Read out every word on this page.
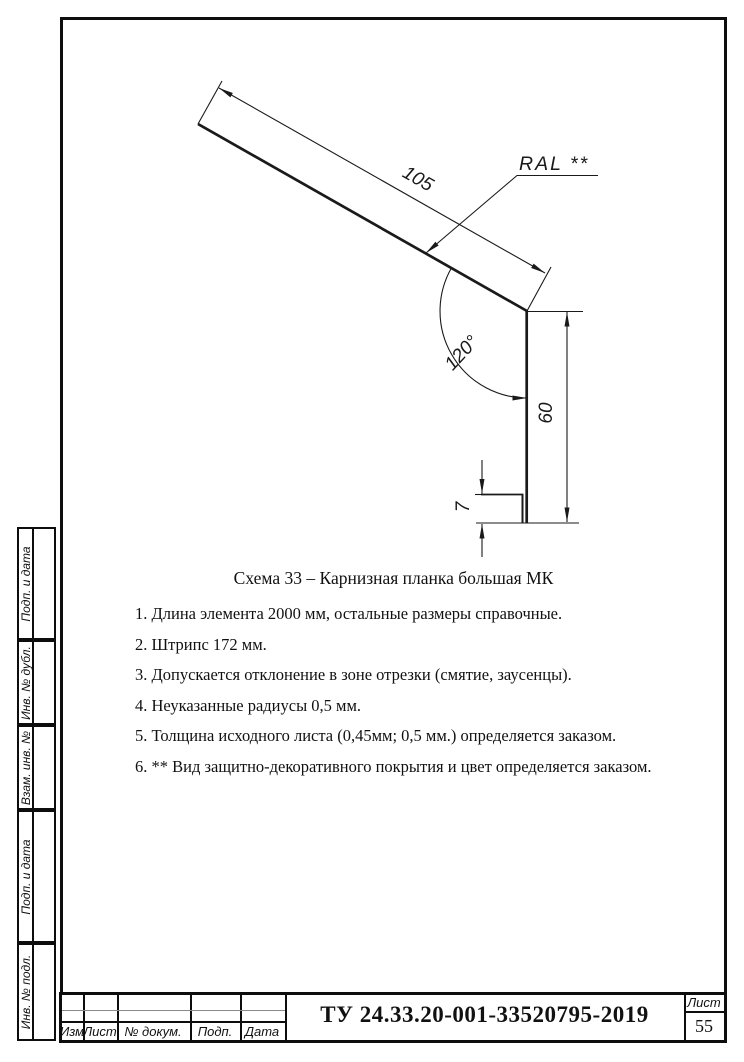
105
60
7
120°
RAL **
Схема 33 – Карнизная планка большая МК
1. Длина элемента 2000 мм, остальные размеры справочные.
2. Штрипс 172 мм.
3. Допускается отклонение в зоне отрезки (смятие, заусенцы).
4. Неуказанные радиусы 0,5 мм.
5. Толщина исходного листа (0,45мм; 0,5 мм.) определяется заказом.
6. ** Вид защитно-декоративного покрытия и цвет определяется заказом.
Подп. и дата
Инв. № дубл.
Взам. инв. №
Подп. и дата
Инв. № подл.
Изм Лист № докум. Подп. Дата
ТУ 24.33.20-001-33520795-2019	Лист
55
